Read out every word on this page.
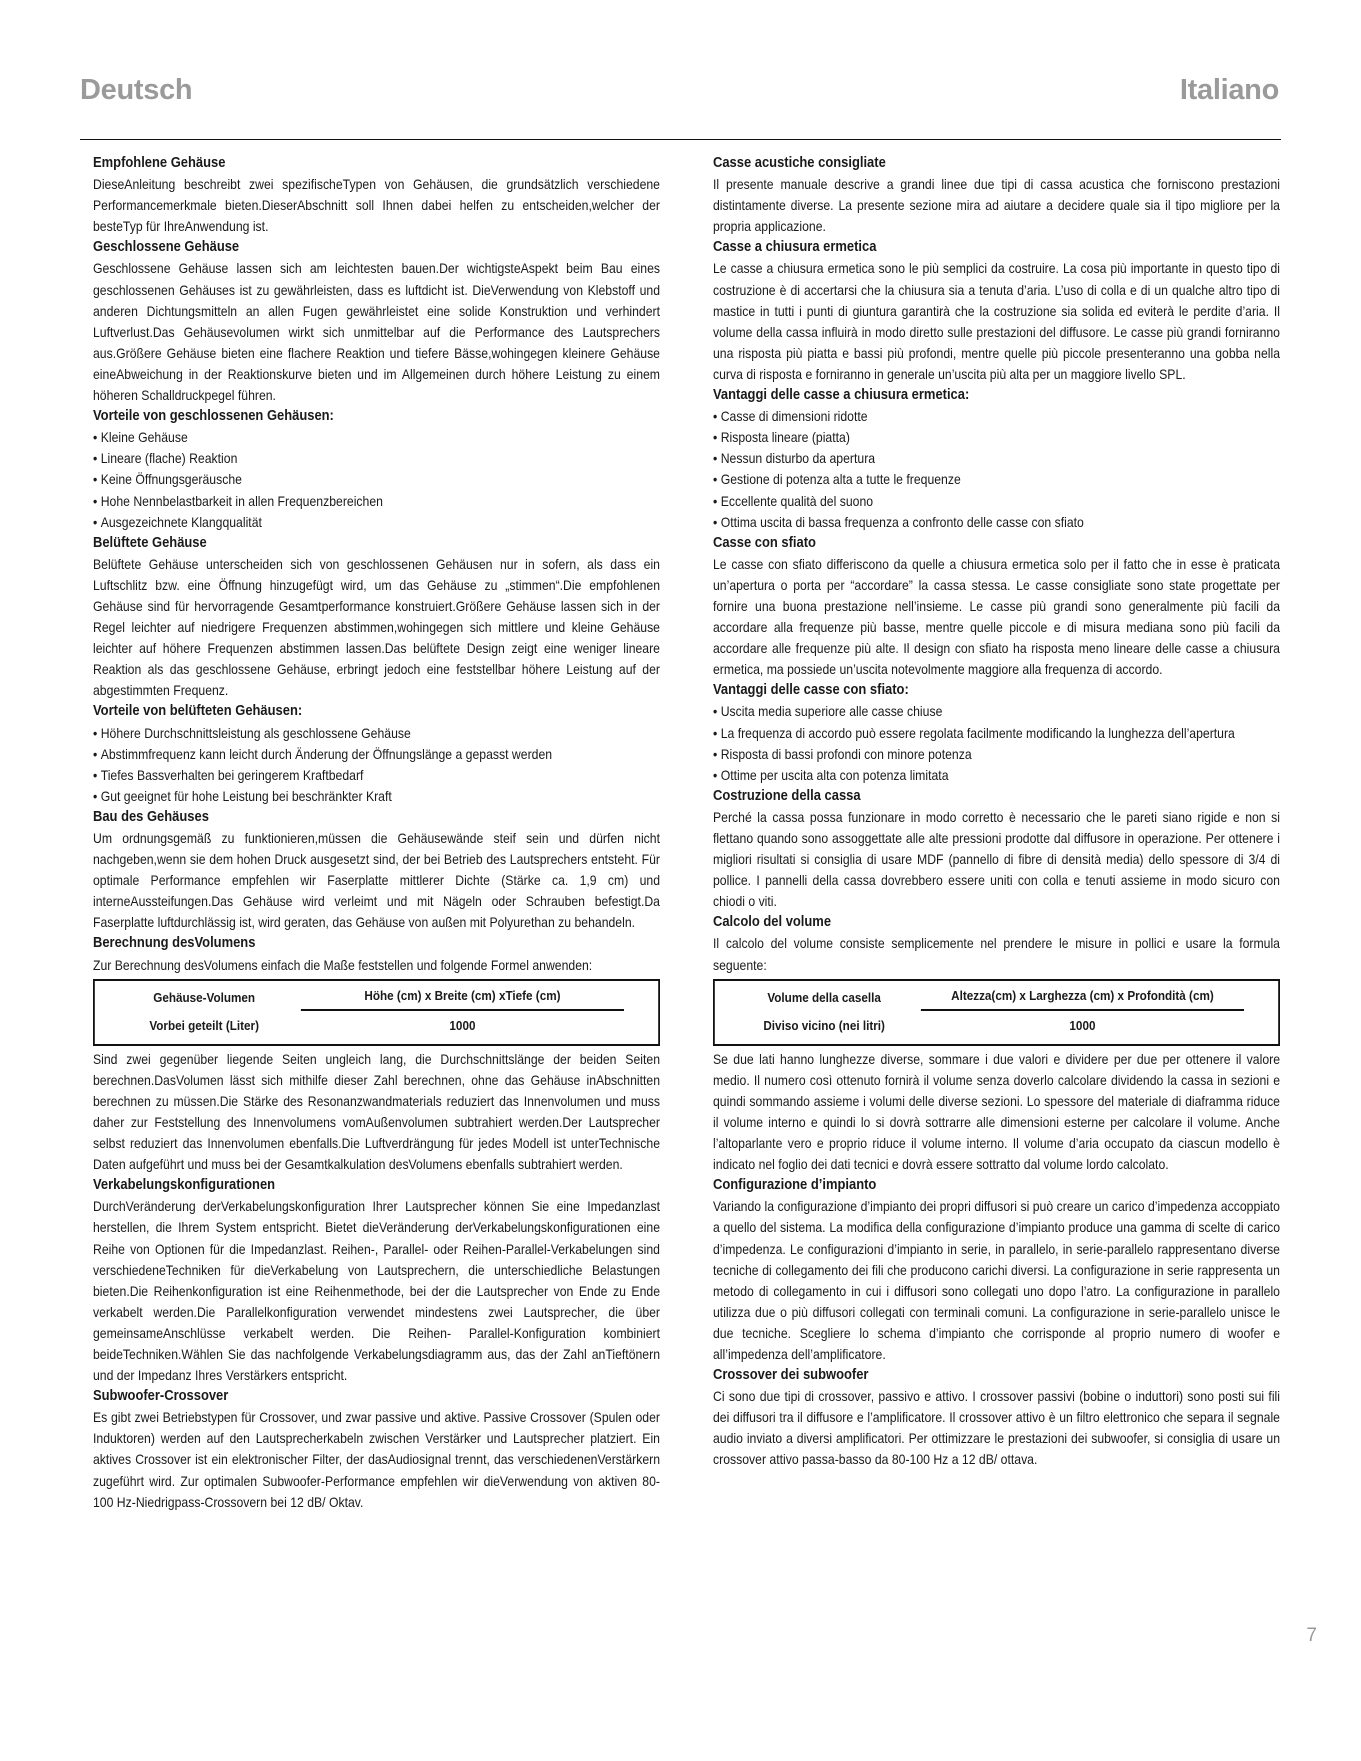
Deutsch	Italiano
Empfohlene Gehäuse

DieseAnleitung beschreibt zwei spezifischeTypen von Gehäusen, die grundsätzlich verschiedene Performancemerkmale bieten.DieserAbschnitt soll Ihnen dabei helfen zu entscheiden,welcher der besteTyp für IhreAnwendung ist.

Geschlossene Gehäuse

Geschlossene Gehäuse lassen sich am leichtesten bauen.Der wichtigsteAspekt beim Bau eines geschlossenen Gehäuses ist zu gewährleisten, dass es luftdicht ist. DieVerwendung von Klebstoff und anderen Dichtungsmitteln an allen Fugen gewährleistet eine solide Konstruktion und verhindert Luftverlust.Das Gehäusevolumen wirkt sich unmittelbar auf die Performance des Lautsprechers aus.Größere Gehäuse bieten eine flachere Reaktion und tiefere Bässe,wohingegen kleinere Gehäuse eineAbweichung in der Reaktionskurve bieten und im Allgemeinen durch höhere Leistung zu einem höheren Schalldruckpegel führen.

Vorteile von geschlossenen Gehäusen:
• Kleine Gehäuse
• Lineare (flache) Reaktion
• Keine Öffnungsgeräusche
• Hohe Nennbelastbarkeit in allen Frequenzbereichen
• Ausgezeichnete Klangqualität
Belüftete Gehäuse

Belüftete Gehäuse unterscheiden sich von geschlossenen Gehäusen nur in sofern, als dass ein Luftschlitz bzw. eine Öffnung hinzugefügt wird, um das Gehäuse zu „stimmen“.Die empfohlenen Gehäuse sind für hervorragende Gesamtperformance konstruiert.Größere Gehäuse lassen sich in der Regel leichter auf niedrigere Frequenzen abstimmen,wohingegen sich mittlere und kleine Gehäuse leichter auf höhere Frequenzen abstimmen lassen.Das belüftete Design zeigt eine weniger lineare Reaktion als das geschlossene Gehäuse, erbringt jedoch eine feststellbar höhere Leistung auf der abgestimmten Frequenz.

Vorteile von belüfteten Gehäusen:
• Höhere Durchschnittsleistung als geschlossene Gehäuse
• Abstimmfrequenz kann leicht durch Änderung der Öffnungslänge a gepasst werden
• Tiefes Bassverhalten bei geringerem Kraftbedarf
• Gut geeignet für hohe Leistung bei beschränkter Kraft
Bau des Gehäuses

Um ordnungsgemäß zu funktionieren,müssen die Gehäusewände steif sein und dürfen nicht nachgeben,wenn sie dem hohen Druck ausgesetzt sind, der bei Betrieb des Lautsprechers entsteht. Für optimale Performance empfehlen wir Faserplatte mittlerer Dichte (Stärke ca. 1,9 cm) und interneAussteifungen.Das Gehäuse wird verleimt und mit Nägeln oder Schrauben befestigt.Da Faserplatte luftdurchlässig ist, wird geraten, das Gehäuse von außen mit Polyurethan zu behandeln.

Berechnung desVolumens

Zur Berechnung desVolumens einfach die Maße feststellen und folgende Formel anwenden:

Gehäuse-Volumen	Höhe (cm) x Breite (cm) xTiefe (cm)
Vorbei geteilt (Liter)	1000

Sind zwei gegenüber liegende Seiten ungleich lang, die Durchschnittslänge der beiden Seiten berechnen.DasVolumen lässt sich mithilfe dieser Zahl berechnen, ohne das Gehäuse inAbschnitten berechnen zu müssen.Die Stärke des Resonanzwandmaterials reduziert das Innenvolumen und muss daher zur Feststellung des Innenvolumens vomAußenvolumen subtrahiert werden.Der Lautsprecher selbst reduziert das Innenvolumen ebenfalls.Die Luftverdrängung für jedes Modell ist unterTechnische Daten aufgeführt und muss bei der Gesamtkalkulation desVolumens ebenfalls subtrahiert werden.

Verkabelungskonfigurationen

DurchVeränderung derVerkabelungskonfiguration Ihrer Lautsprecher können Sie eine Impedanzlast herstellen, die Ihrem System entspricht. Bietet dieVeränderung derVerkabelungskonfigurationen eine Reihe von Optionen für die Impedanzlast. Reihen-, Parallel- oder Reihen-Parallel-Verkabelungen sind verschiedeneTechniken für dieVerkabelung von Lautsprechern, die unterschiedliche Belastungen bieten.Die Reihenkonfiguration ist eine Reihenmethode, bei der die Lautsprecher von Ende zu Ende verkabelt werden.Die Parallelkonfiguration verwendet mindestens zwei Lautsprecher, die über gemeinsameAnschlüsse verkabelt werden. Die Reihen- Parallel-Konfiguration kombiniert beideTechniken.Wählen Sie das nachfolgende Verkabelungsdiagramm aus, das der Zahl anTieftönern und der Impedanz Ihres Verstärkers entspricht.

Subwoofer-Crossover

Es gibt zwei Betriebstypen für Crossover, und zwar passive und aktive. Passive Crossover (Spulen oder Induktoren) werden auf den Lautsprecherkabeln zwischen Verstärker und Lautsprecher platziert. Ein aktives Crossover ist ein elektronischer Filter, der dasAudiosignal trennt, das verschiedenenVerstärkern zugeführt wird. Zur optimalen Subwoofer-Performance empfehlen wir dieVerwendung von aktiven 80-100 Hz-Niedrigpass-Crossovern bei 12 dB/ Oktav.

Casse acustiche consigliate

Il presente manuale descrive a grandi linee due tipi di cassa acustica che forniscono prestazioni distintamente diverse. La presente sezione mira ad aiutare a decidere quale sia il tipo migliore per la propria applicazione.

Casse a chiusura ermetica

Le casse a chiusura ermetica sono le più semplici da costruire. La cosa più importante in questo tipo di costruzione è di accertarsi che la chiusura sia a tenuta d’aria. L’uso di colla e di un qualche altro tipo di mastice in tutti i punti di giuntura garantirà che la costruzione sia solida ed eviterà le perdite d’aria. Il volume della cassa influirà in modo diretto sulle prestazioni del diffusore. Le casse più grandi forniranno una risposta più piatta e bassi più profondi, mentre quelle più piccole presenteranno una gobba nella curva di risposta e forniranno in generale un’uscita più alta per un maggiore livello SPL.

Vantaggi delle casse a chiusura ermetica:
• Casse di dimensioni ridotte
• Risposta lineare (piatta)
• Nessun disturbo da apertura
• Gestione di potenza alta a tutte le frequenze
• Eccellente qualità del suono
• Ottima uscita di bassa frequenza a confronto delle casse con sfiato
Casse con sfiato

Le casse con sfiato differiscono da quelle a chiusura ermetica solo per il fatto che in esse è praticata un’apertura o porta per “accordare” la cassa stessa. Le casse consigliate sono state progettate per fornire una buona prestazione nell’insieme. Le casse più grandi sono generalmente più facili da accordare alla frequenze più basse, mentre quelle piccole e di misura mediana sono più facili da accordare alle frequenze più alte. Il design con sfiato ha risposta meno lineare delle casse a chiusura ermetica, ma possiede un’uscita notevolmente maggiore alla frequenza di accordo.

Vantaggi delle casse con sfiato:
• Uscita media superiore alle casse chiuse
• La frequenza di accordo può essere regolata facilmente modificando la lunghezza dell’apertura
• Risposta di bassi profondi con minore potenza
• Ottime per uscita alta con potenza limitata
Costruzione della cassa

Perché la cassa possa funzionare in modo corretto è necessario che le pareti siano rigide e non si flettano quando sono assoggettate alle alte pressioni prodotte dal diffusore in operazione. Per ottenere i migliori risultati si consiglia di usare MDF (pannello di fibre di densità media) dello spessore di 3/4 di pollice. I pannelli della cassa dovrebbero essere uniti con colla e tenuti assieme in modo sicuro con chiodi o viti.

Calcolo del volume

Il calcolo del volume consiste semplicemente nel prendere le misure in pollici e usare la formula seguente:

Volume della casella	Altezza(cm) x Larghezza (cm) x Profondità (cm)
Diviso vicino (nei litri)	1000

Se due lati hanno lunghezze diverse, sommare i due valori e dividere per due per ottenere il valore medio. Il numero così ottenuto fornirà il volume senza doverlo calcolare dividendo la cassa in sezioni e quindi sommando assieme i volumi delle diverse sezioni. Lo spessore del materiale di diaframma riduce il volume interno e quindi lo si dovrà sottrarre alle dimensioni esterne per calcolare il volume. Anche l’altoparlante vero e proprio riduce il volume interno. Il volume d’aria occupato da ciascun modello è indicato nel foglio dei dati tecnici e dovrà essere sottratto dal volume lordo calcolato.

Configurazione d’impianto

Variando la configurazione d’impianto dei propri diffusori si può creare un carico d’impedenza accoppiato a quello del sistema. La modifica della configurazione d’impianto produce una gamma di scelte di carico d’impedenza. Le configurazioni d’impianto in serie, in parallelo, in serie-parallelo rappresentano diverse tecniche di collegamento dei fili che producono carichi diversi. La configurazione in serie rappresenta un metodo di collegamento in cui i diffusori sono collegati uno dopo l’atro. La configurazione in parallelo utilizza due o più diffusori collegati con terminali comuni. La configurazione in serie-parallelo unisce le due tecniche. Scegliere lo schema d’impianto che corrisponde al proprio numero di woofer e all’impedenza dell’amplificatore.

Crossover dei subwoofer

Ci sono due tipi di crossover, passivo e attivo. I crossover passivi (bobine o induttori) sono posti sui fili dei diffusori tra il diffusore e l’amplificatore. Il crossover attivo è un filtro elettronico che separa il segnale audio inviato a diversi amplificatori. Per ottimizzare le prestazioni dei subwoofer, si consiglia di usare un crossover attivo passa-basso da 80-100 Hz a 12 dB/ ottava.

7
